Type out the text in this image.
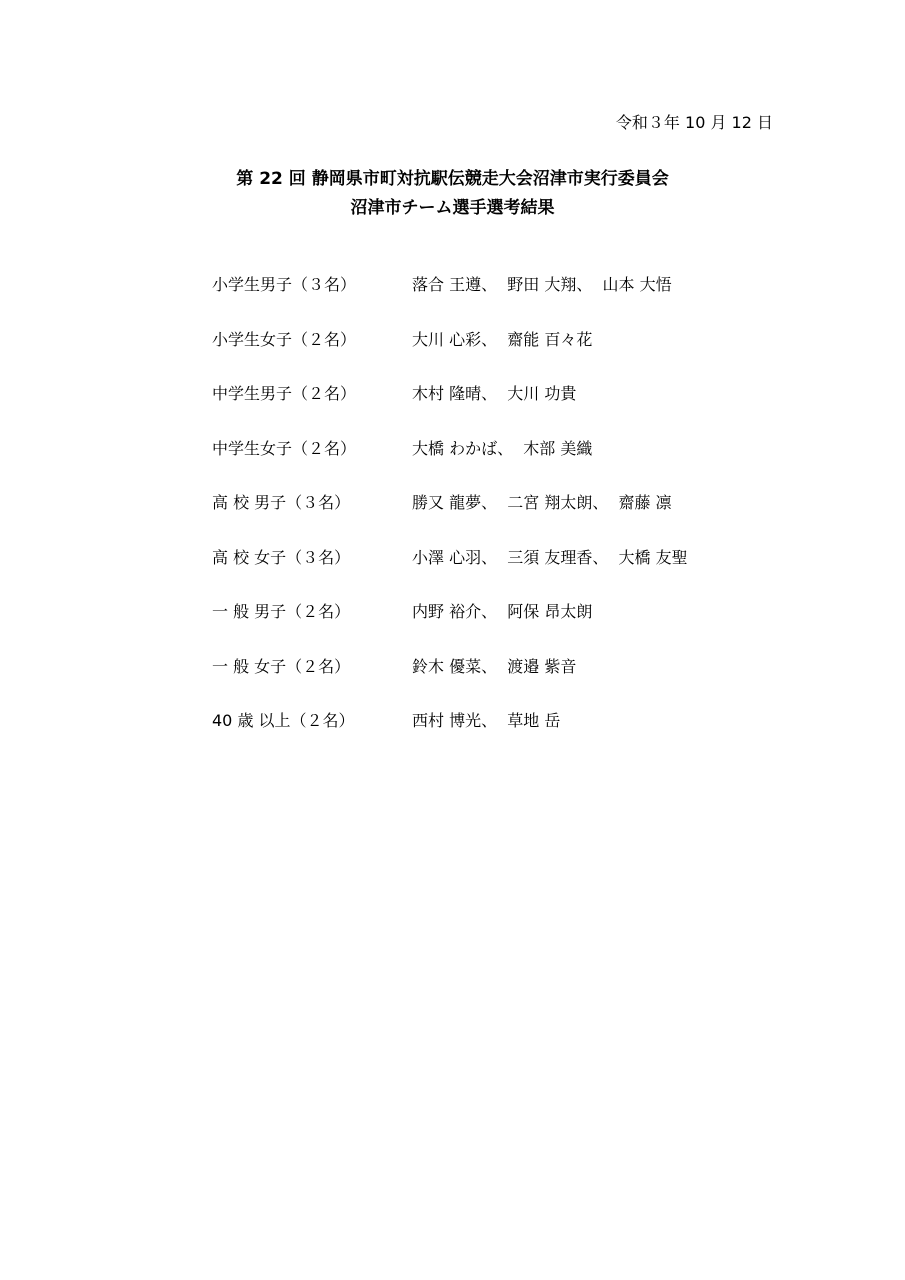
令和３年 10 月 12 日
第 22 回 静岡県市町対抗駅伝競走大会沼津市実行委員会
沼津市チーム選手選考結果
小学生男子（３名）	落合 王遵、  野田 大翔、  山本 大悟
小学生女子（２名）	大川 心彩、  齋能 百々花
中学生男子（２名）	木村 隆晴、  大川 功貴
中学生女子（２名）	大橋 わかば、  木部 美織
高 校 男子（３名）	勝又 龍夢、  二宮 翔太朗、  齋藤 凛
高 校 女子（３名）	小澤 心羽、  三須 友理香、  大橋 友聖
一 般 男子（２名）	内野 裕介、  阿保 昂太朗
一 般 女子（２名）	鈴木 優菜、  渡邉 紫音
40 歳 以上（２名）	西村 博光、  草地 岳
